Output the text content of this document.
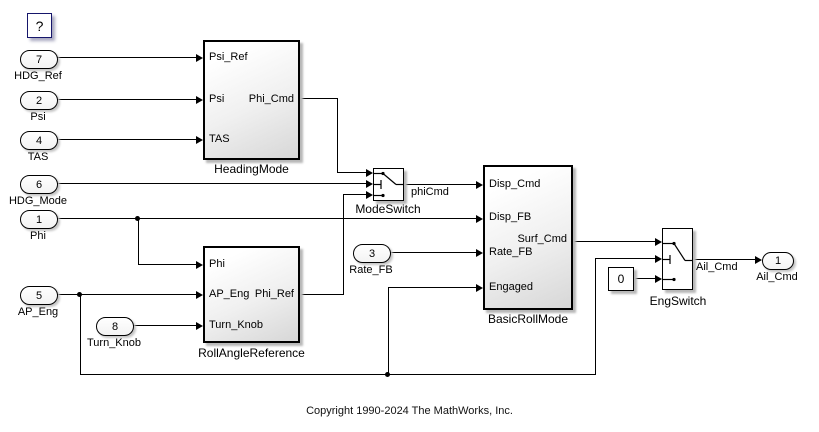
?
7
HDG_Ref
2
Psi
4
TAS
6
HDG_Mode
1
Phi
5
AP_Eng
8
Turn_Knob
3
Rate_FB
1
Ail_Cmd
Psi_Ref
Psi
TAS
Phi_Cmd
HeadingMode
ModeSwitch
phiCmd
Phi
AP_Eng
Turn_Knob
Phi_Ref
RollAngleReference
Disp_Cmd
Disp_FB
Rate_FB
Engaged
Surf_Cmd
BasicRollMode
0
EngSwitch
Ail_Cmd
Copyright 1990-2024 The MathWorks, Inc.
